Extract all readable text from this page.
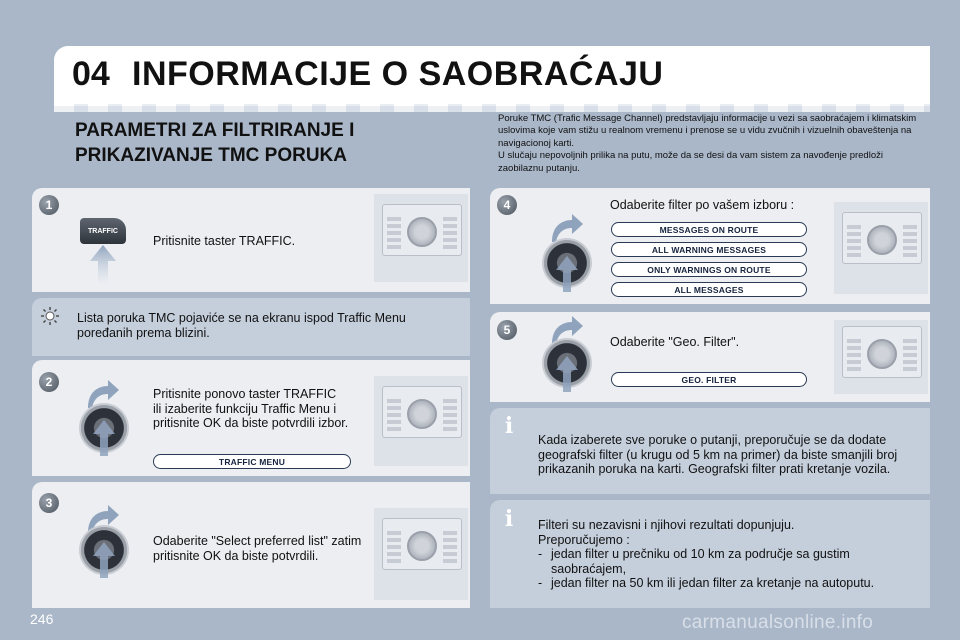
04 INFORMACIJE O SAOBRAĆAJU
PARAMETRI ZA FILTRIRANJE I
PRIKAZIVANJE TMC PORUKA
Poruke TMC (Trafic Message Channel) predstavljaju informacije u vezi sa saobraćajem i klimatskim uslovima koje vam stižu u realnom vremenu i prenose se u vidu zvučnih i vizuelnih obaveštenja na navigacionoj karti.
U slučaju nepovoljnih prilika na putu, može da se desi da vam sistem za navođenje predloži zaobilaznu putanju.
1
TRAFFIC
Pritisnite taster TRAFFIC.
Lista poruka TMC pojaviće se na ekranu ispod Traffic Menu poređanih prema blizini.
2
Pritisnite ponovo taster TRAFFIC
ili izaberite funkciju Traffic Menu i
pritisnite OK da biste potvrdili izbor.
TRAFFIC MENU
3
Odaberite "Select preferred list" zatim
pritisnite OK da biste potvrdili.
4	Odaberite filter po vašem izboru :
MESSAGES ON ROUTE
ALL WARNING MESSAGES
ONLY WARNINGS ON ROUTE
ALL MESSAGES
5
Odaberite "Geo. Filter".
GEO. FILTER
i
Kada izaberete sve poruke o putanji, preporučuje se da dodate
geografski filter (u krugu od 5 km na primer) da biste smanjili broj
prikazanih poruka na karti. Geografski filter prati kretanje vozila.
i	Filteri su nezavisni i njihovi rezultati dopunjuju.
Preporučujemo :
- jedan filter u prečniku od 10 km za područje sa gustim
saobraćajem,
- jedan filter na 50 km ili jedan filter za kretanje na autoputu.
246	carmanualsonline.info
